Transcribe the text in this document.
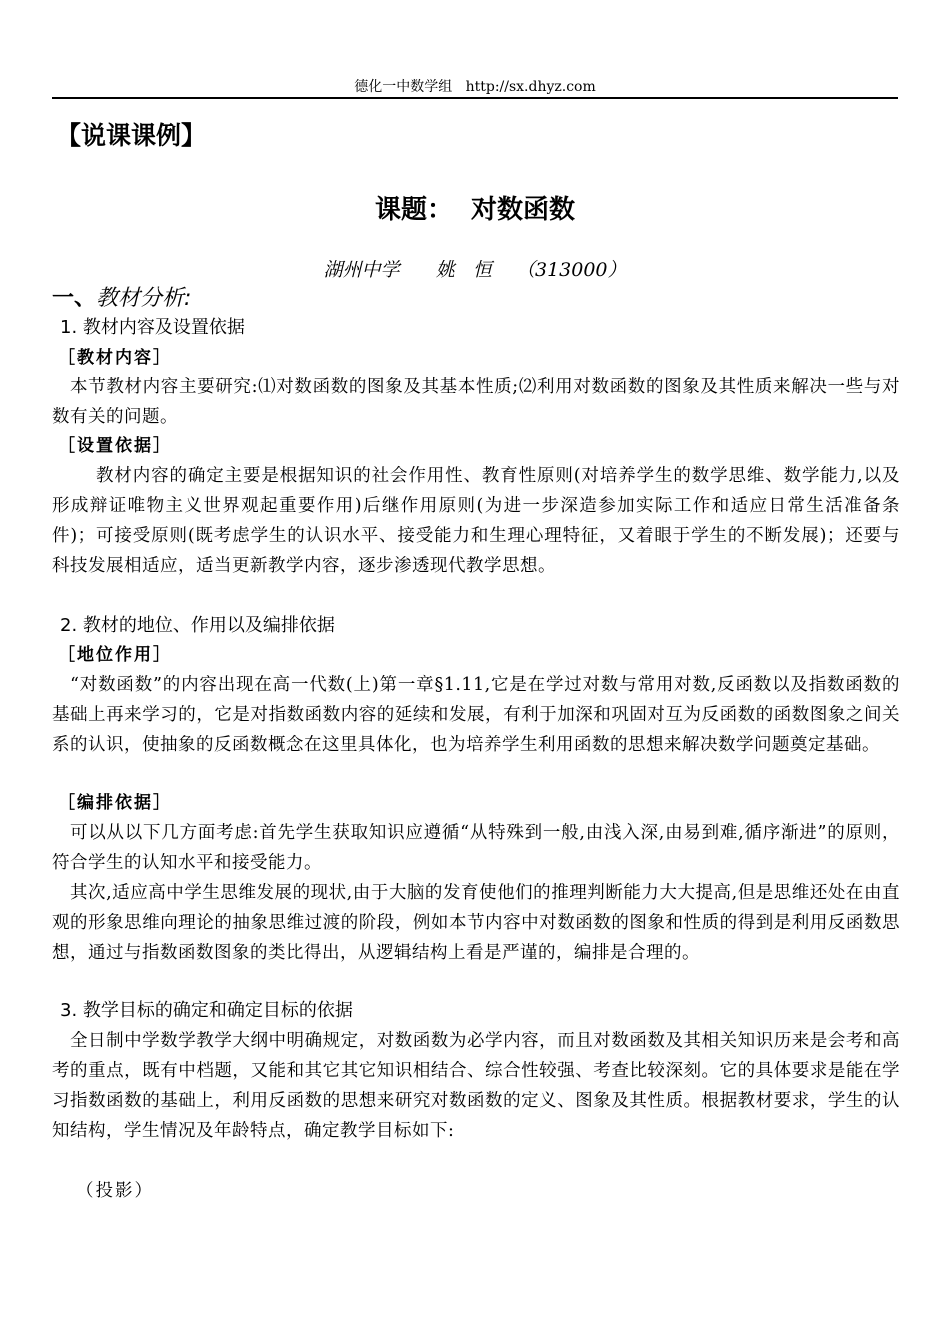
德化一中数学组   http://sx.dhyz.com
【说课课例】
课题：  对数函数
湖州中学      姚   恒    （313000）
一、教材分析:
1. 教材内容及设置依据
［教材内容］
本节教材内容主要研究:⑴对数函数的图象及其基本性质;⑵利用对数函数的图象及其性质来解决一些与对数有关的问题。
［设置依据］
教材内容的确定主要是根据知识的社会作用性、教育性原则(对培养学生的数学思维、数学能力,以及形成辩证唯物主义世界观起重要作用)后继作用原则(为进一步深造参加实际工作和适应日常生活准备条件)；可接受原则(既考虑学生的认识水平、接受能力和生理心理特征，又着眼于学生的不断发展)；还要与科技发展相适应，适当更新教学内容，逐步渗透现代教学思想。
2. 教材的地位、作用以及编排依据
［地位作用］
“对数函数”的内容出现在高一代数(上)第一章§1.11,它是在学过对数与常用对数,反函数以及指数函数的基础上再来学习的，它是对指数函数内容的延续和发展，有利于加深和巩固对互为反函数的函数图象之间关系的认识，使抽象的反函数概念在这里具体化，也为培养学生利用函数的思想来解决数学问题奠定基础。
［编排依据］
可以从以下几方面考虑:首先学生获取知识应遵循“从特殊到一般,由浅入深,由易到难,循序渐进”的原则，符合学生的认知水平和接受能力。
其次,适应高中学生思维发展的现状,由于大脑的发育使他们的推理判断能力大大提高,但是思维还处在由直观的形象思维向理论的抽象思维过渡的阶段，例如本节内容中对数函数的图象和性质的得到是利用反函数思想，通过与指数函数图象的类比得出，从逻辑结构上看是严谨的，编排是合理的。
3. 教学目标的确定和确定目标的依据
全日制中学数学教学大纲中明确规定，对数函数为必学内容，而且对数函数及其相关知识历来是会考和高考的重点，既有中档题，又能和其它其它知识相结合、综合性较强、考查比较深刻。它的具体要求是能在学习指数函数的基础上，利用反函数的思想来研究对数函数的定义、图象及其性质。根据教材要求，学生的认知结构，学生情况及年龄特点，确定教学目标如下:
（投影）
